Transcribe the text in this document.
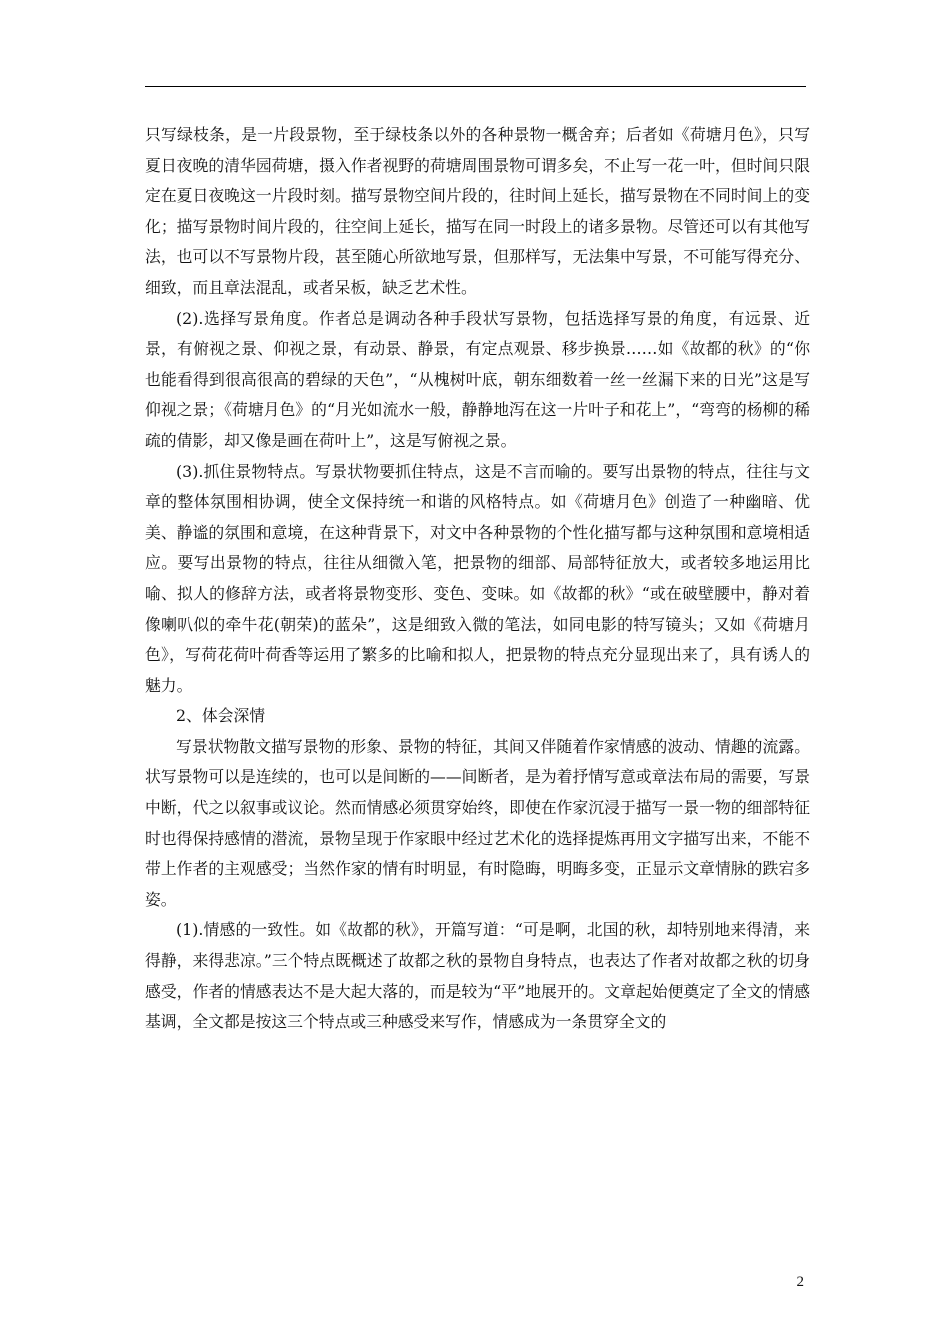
只写绿枝条，是一片段景物，至于绿枝条以外的各种景物一概舍弃；后者如《荷塘月色》，只写夏日夜晚的清华园荷塘，摄入作者视野的荷塘周围景物可谓多矣，不止写一花一叶，但时间只限定在夏日夜晚这一片段时刻。描写景物空间片段的，往时间上延长，描写景物在不同时间上的变化；描写景物时间片段的，往空间上延长，描写在同一时段上的诸多景物。尽管还可以有其他写法，也可以不写景物片段，甚至随心所欲地写景，但那样写，无法集中写景，不可能写得充分、细致，而且章法混乱，或者呆板，缺乏艺术性。

(2).选择写景角度。作者总是调动各种手段状写景物，包括选择写景的角度，有远景、近景，有俯视之景、仰视之景，有动景、静景，有定点观景、移步换景……如《故都的秋》的“你也能看得到很高很高的碧绿的天色”，“从槐树叶底，朝东细数着一丝一丝漏下来的日光”这是写仰视之景；《荷塘月色》的“月光如流水一般，静静地泻在这一片叶子和花上”，“弯弯的杨柳的稀疏的倩影，却又像是画在荷叶上”，这是写俯视之景。

(3).抓住景物特点。写景状物要抓住特点，这是不言而喻的。要写出景物的特点，往往与文章的整体氛围相协调，使全文保持统一和谐的风格特点。如《荷塘月色》创造了一种幽暗、优美、静谧的氛围和意境，在这种背景下，对文中各种景物的个性化描写都与这种氛围和意境相适应。要写出景物的特点，往往从细微入笔，把景物的细部、局部特征放大，或者较多地运用比喻、拟人的修辞方法，或者将景物变形、变色、变味。如《故都的秋》“或在破壁腰中，静对着像喇叭似的牵牛花(朝荣)的蓝朵”，这是细致入微的笔法，如同电影的特写镜头；又如《荷塘月色》，写荷花荷叶荷香等运用了繁多的比喻和拟人，把景物的特点充分显现出来了，具有诱人的魅力。

2、体会深情

写景状物散文描写景物的形象、景物的特征，其间又伴随着作家情感的波动、情趣的流露。状写景物可以是连续的，也可以是间断的——间断者，是为着抒情写意或章法布局的需要，写景中断，代之以叙事或议论。然而情感必须贯穿始终，即使在作家沉浸于描写一景一物的细部特征时也得保持感情的潜流，景物呈现于作家眼中经过艺术化的选择提炼再用文字描写出来，不能不带上作者的主观感受；当然作家的情有时明显，有时隐晦，明晦多变，正显示文章情脉的跌宕多姿。

(1).情感的一致性。如《故都的秋》，开篇写道：“可是啊，北国的秋，却特别地来得清，来得静，来得悲凉。”三个特点既概述了故都之秋的景物自身特点，也表达了作者对故都之秋的切身感受，作者的情感表达不是大起大落的，而是较为“平”地展开的。文章起始便奠定了全文的情感基调，全文都是按这三个特点或三种感受来写作，情感成为一条贯穿全文的

2
